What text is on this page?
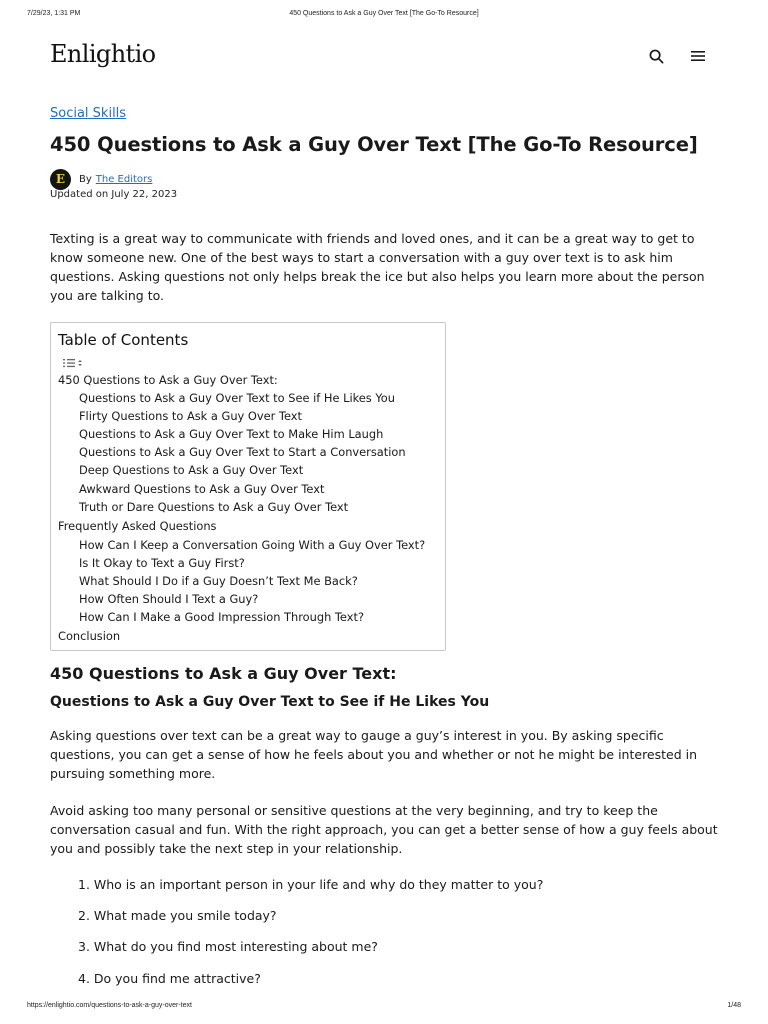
7/29/23, 1:31 PM	450 Questions to Ask a Guy Over Text [The Go-To Resource]
Enlightio
Social Skills
450 Questions to Ask a Guy Over Text [The Go-To Resource]
E	By The Editors
Updated on July 22, 2023

Texting is a great way to communicate with friends and loved ones, and it can be a great way to get to know someone new. One of the best ways to start a conversation with a guy over text is to ask him questions. Asking questions not only helps break the ice but also helps you learn more about the person you are talking to.

Table of Contents
450 Questions to Ask a Guy Over Text:
Questions to Ask a Guy Over Text to See if He Likes You
Flirty Questions to Ask a Guy Over Text
Questions to Ask a Guy Over Text to Make Him Laugh
Questions to Ask a Guy Over Text to Start a Conversation
Deep Questions to Ask a Guy Over Text
Awkward Questions to Ask a Guy Over Text
Truth or Dare Questions to Ask a Guy Over Text
Frequently Asked Questions
How Can I Keep a Conversation Going With a Guy Over Text?
Is It Okay to Text a Guy First?
What Should I Do if a Guy Doesn’t Text Me Back?
How Often Should I Text a Guy?
How Can I Make a Good Impression Through Text?
Conclusion
450 Questions to Ask a Guy Over Text:
Questions to Ask a Guy Over Text to See if He Likes You

Asking questions over text can be a great way to gauge a guy’s interest in you. By asking specific questions, you can get a sense of how he feels about you and whether or not he might be interested in pursuing something more.

Avoid asking too many personal or sensitive questions at the very beginning, and try to keep the conversation casual and fun. With the right approach, you can get a better sense of how a guy feels about you and possibly take the next step in your relationship.

1. Who is an important person in your life and why do they matter to you?
2. What made you smile today?
3. What do you find most interesting about me?
4. Do you find me attractive?
https://enlightio.com/questions-to-ask-a-guy-over-text	1/48
